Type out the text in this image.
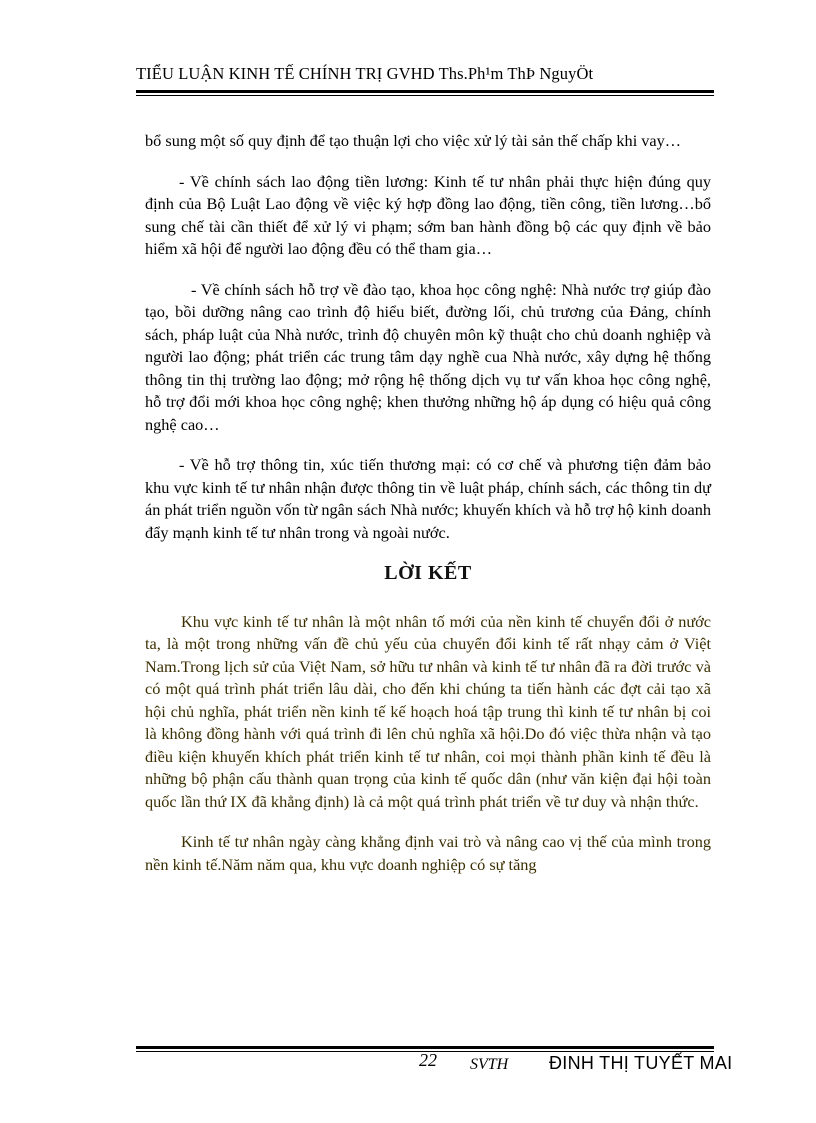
TIỂU LUẬN KINH TẾ CHÍNH TRỊ GVHD Ths.Ph¹m ThÞ NguyÖt

bổ sung một số quy định để tạo thuận lợi cho việc xử lý tài sản thế chấp khi vay…

- Về chính sách lao động tiền lương: Kinh tế tư nhân phải thực hiện đúng quy định của Bộ Luật Lao động về việc ký hợp đồng lao động, tiền công, tiền lương…bổ sung chế tài cần thiết để xử lý vi phạm; sớm ban hành đồng bộ các quy định về bảo hiểm xã hội để người lao động đều có thể tham gia…

- Về chính sách hỗ trợ về đào tạo, khoa học công nghệ: Nhà nước trợ giúp đào tạo, bồi dưỡng nâng cao trình độ hiểu biết, đường lối, chủ trương của Đảng, chính sách, pháp luật của Nhà nước, trình độ chuyên môn kỹ thuật cho chủ doanh nghiệp và người lao động; phát triển các trung tâm dạy nghề cua Nhà nước, xây dựng hệ thống thông tin thị trường lao động; mở rộng hệ thống dịch vụ tư vấn khoa học công nghệ, hỗ trợ đổi mới khoa học công nghệ; khen thưởng những hộ áp dụng có hiệu quả công nghệ cao…

- Về hỗ trợ thông tin, xúc tiến thương mại: có cơ chế và phương tiện đảm bảo khu vực kinh tế tư nhân nhận được thông tin về luật pháp, chính sách, các thông tin dự án phát triển nguồn vốn từ ngân sách Nhà nước; khuyến khích và hỗ trợ hộ kinh doanh đẩy mạnh kinh tế tư nhân trong và ngoài nước.

LỜI KẾT

Khu vực kinh tế tư nhân là một nhân tố mới của nền kinh tế chuyển đổi ở nước ta, là một trong những vấn đề chủ yếu của chuyển đổi kinh tế rất nhạy cảm ở Việt Nam.Trong lịch sử của Việt Nam, sở hữu tư nhân và kinh tế tư nhân đã ra đời trước và có một quá trình phát triển lâu dài, cho đến khi chúng ta tiến hành các đợt cải tạo xã hội chủ nghĩa, phát triển nền kinh tế kế hoạch hoá tập trung thì kinh tế tư nhân bị coi là không đồng hành với quá trình đi lên chủ nghĩa xã hội.Do đó việc thừa nhận và tạo điều kiện khuyến khích phát triển kinh tế tư nhân, coi mọi thành phần kinh tế đều là những bộ phận cấu thành quan trọng của kinh tế quốc dân (như văn kiện đại hội toàn quốc lần thứ IX đã khẳng định) là cả một quá trình phát triển về tư duy và nhận thức.

Kinh tế tư nhân ngày càng khẳng định vai trò và nâng cao vị thế của mình trong nền kinh tế.Năm năm qua, khu vực doanh nghiệp có sự tăng

22 SVTH ĐINH THỊ TUYẾT MAI
